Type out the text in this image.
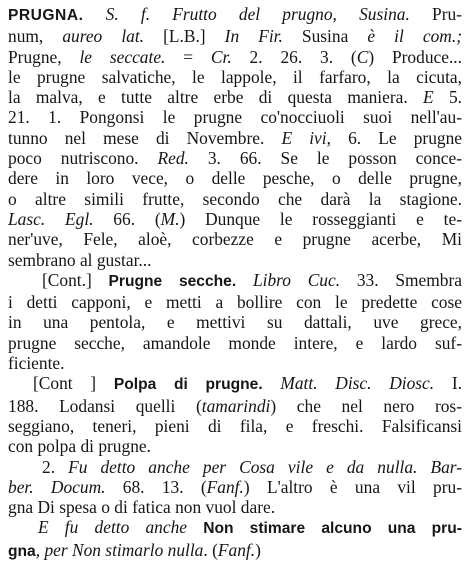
PRUGNA. S. f. Frutto del prugno, Susina. Pru-
num, aureo lat. [L.B.] In Fir. Susina è il com.;
Prugne, le seccate. = Cr. 2. 26. 3. (C) Produce...
le prugne salvatiche, le lappole, il farfaro, la cicuta,
la malva, e tutte altre erbe di questa maniera. E 5.
21. 1. Pongonsi le prugne co'nocciuoli suoi nell'au-
tunno nel mese di Novembre. E ivi, 6. Le prugne
poco nutriscono. Red. 3. 66. Se le posson conce-
dere in loro vece, o delle pesche, o delle prugne,
o altre simili frutte, secondo che darà la stagione.
Lasc. Egl. 66. (M.) Dunque le rosseggianti e te-
ner'uve, Fele, aloè, corbezze e prugne acerbe, Mi
sembrano al gustar...
[Cont.] Prugne secche. Libro Cuc. 33. Smembra
i detti capponi, e metti a bollire con le predette cose
in una pentola, e mettivi su dattali, uve grece,
prugne secche, amandole monde intere, e lardo suf-
ficiente.
[Cont ] Polpa di prugne. Matt. Disc. Diosc. I.
188. Lodansi quelli (tamarindi) che nel nero ros-
seggiano, teneri, pieni di fila, e freschi. Falsificansi
con polpa di prugne.
2. Fu detto anche per Cosa vile e da nulla. Bar-
ber. Docum. 68. 13. (Fanf.) L'altro è una vil pru-
gna Di spesa o di fatica non vuol dare.
E fu detto anche Non stimare alcuno una pru-
gna, per Non stimarlo nulla. (Fanf.)
